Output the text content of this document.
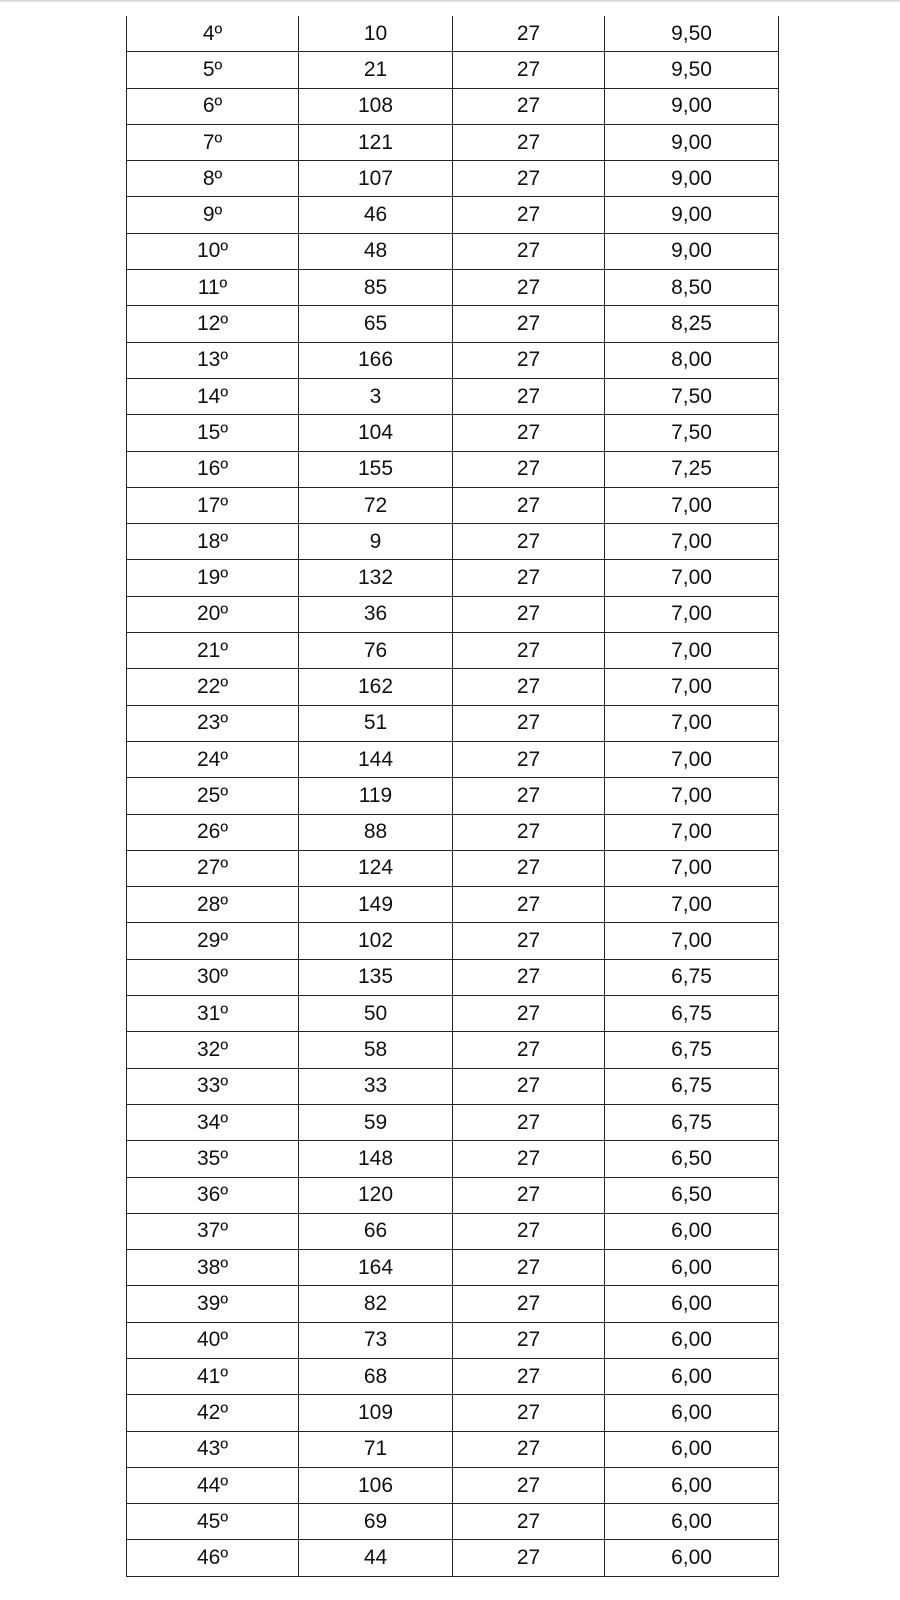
4º	10	27	9,50
5º	21	27	9,50
6º	108	27	9,00
7º	121	27	9,00
8º	107	27	9,00
9º	46	27	9,00
10º	48	27	9,00
11º	85	27	8,50
12º	65	27	8,25
13º	166	27	8,00
14º	3	27	7,50
15º	104	27	7,50
16º	155	27	7,25
17º	72	27	7,00
18º	9	27	7,00
19º	132	27	7,00
20º	36	27	7,00
21º	76	27	7,00
22º	162	27	7,00
23º	51	27	7,00
24º	144	27	7,00
25º	119	27	7,00
26º	88	27	7,00
27º	124	27	7,00
28º	149	27	7,00
29º	102	27	7,00
30º	135	27	6,75
31º	50	27	6,75
32º	58	27	6,75
33º	33	27	6,75
34º	59	27	6,75
35º	148	27	6,50
36º	120	27	6,50
37º	66	27	6,00
38º	164	27	6,00
39º	82	27	6,00
40º	73	27	6,00
41º	68	27	6,00
42º	109	27	6,00
43º	71	27	6,00
44º	106	27	6,00
45º	69	27	6,00
46º	44	27	6,00
